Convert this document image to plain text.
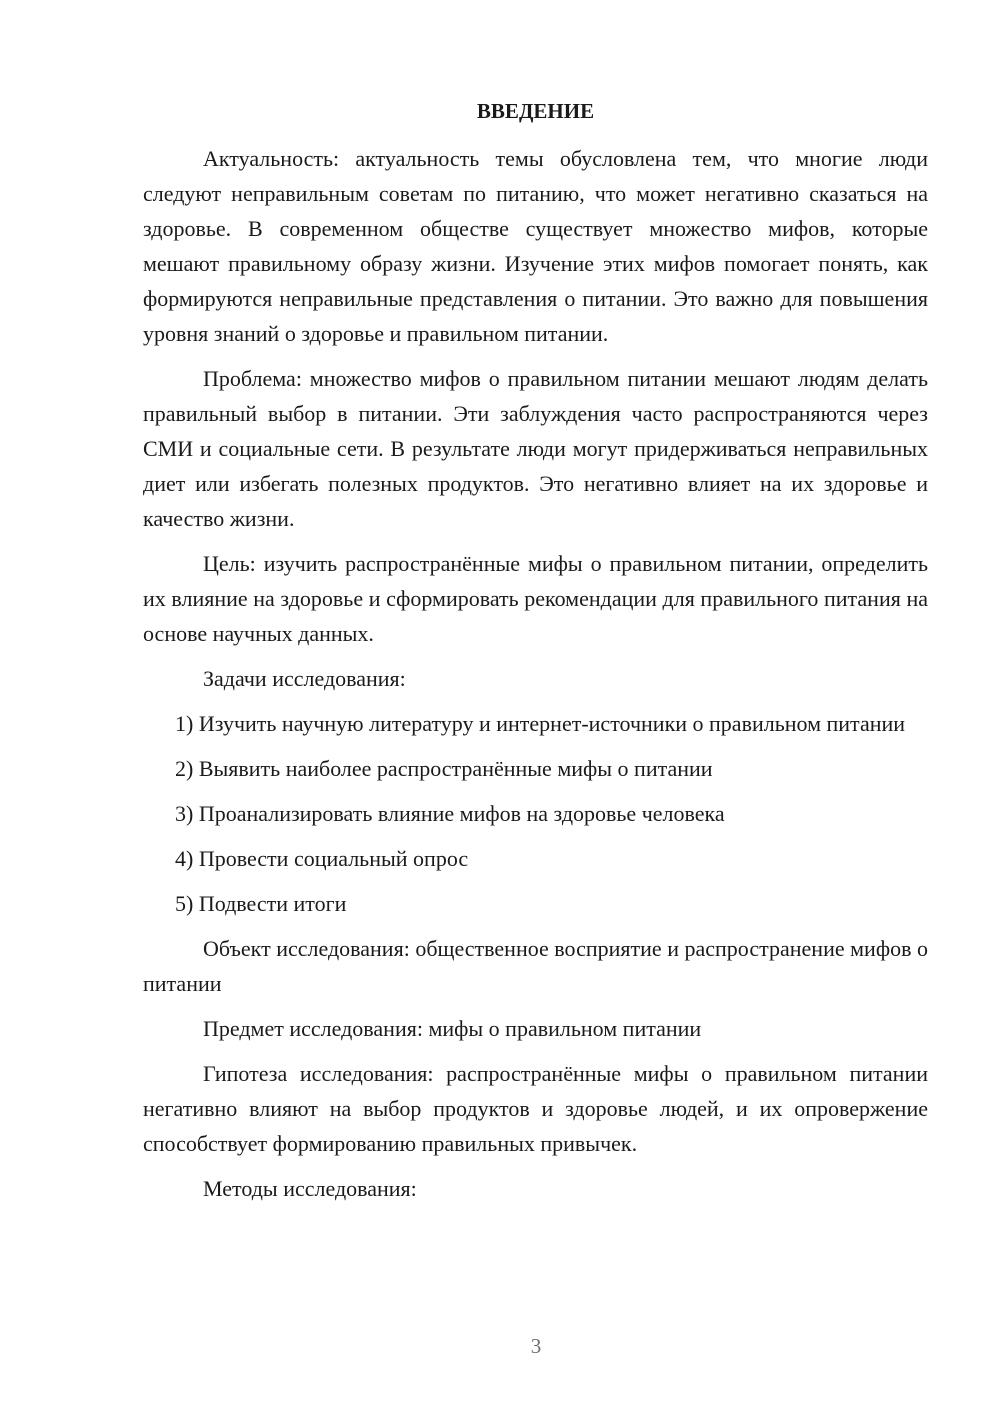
ВВЕДЕНИЕ

Актуальность: актуальность темы обусловлена тем, что многие люди следуют неправильным советам по питанию, что может негативно сказаться на здоровье. В современном обществе существует множество мифов, которые мешают правильному образу жизни. Изучение этих мифов помогает понять, как формируются неправильные представления о питании. Это важно для повышения уровня знаний о здоровье и правильном питании.

Проблема: множество мифов о правильном питании мешают людям делать правильный выбор в питании. Эти заблуждения часто распространяются через СМИ и социальные сети. В результате люди могут придерживаться неправильных диет или избегать полезных продуктов. Это негативно влияет на их здоровье и качество жизни.

Цель: изучить распространённые мифы о правильном питании, определить их влияние на здоровье и сформировать рекомендации для правильного питания на основе научных данных.

Задачи исследования:

1) Изучить научную литературу и интернет-источники о правильном питании

2) Выявить наиболее распространённые мифы о питании

3) Проанализировать влияние мифов на здоровье человека

4) Провести социальный опрос

5) Подвести итоги

Объект исследования: общественное восприятие и распространение мифов о питании

Предмет исследования: мифы о правильном питании

Гипотеза исследования: распространённые мифы о правильном питании негативно влияют на выбор продуктов и здоровье людей, и их опровержение способствует формированию правильных привычек.

Методы исследования:

3
